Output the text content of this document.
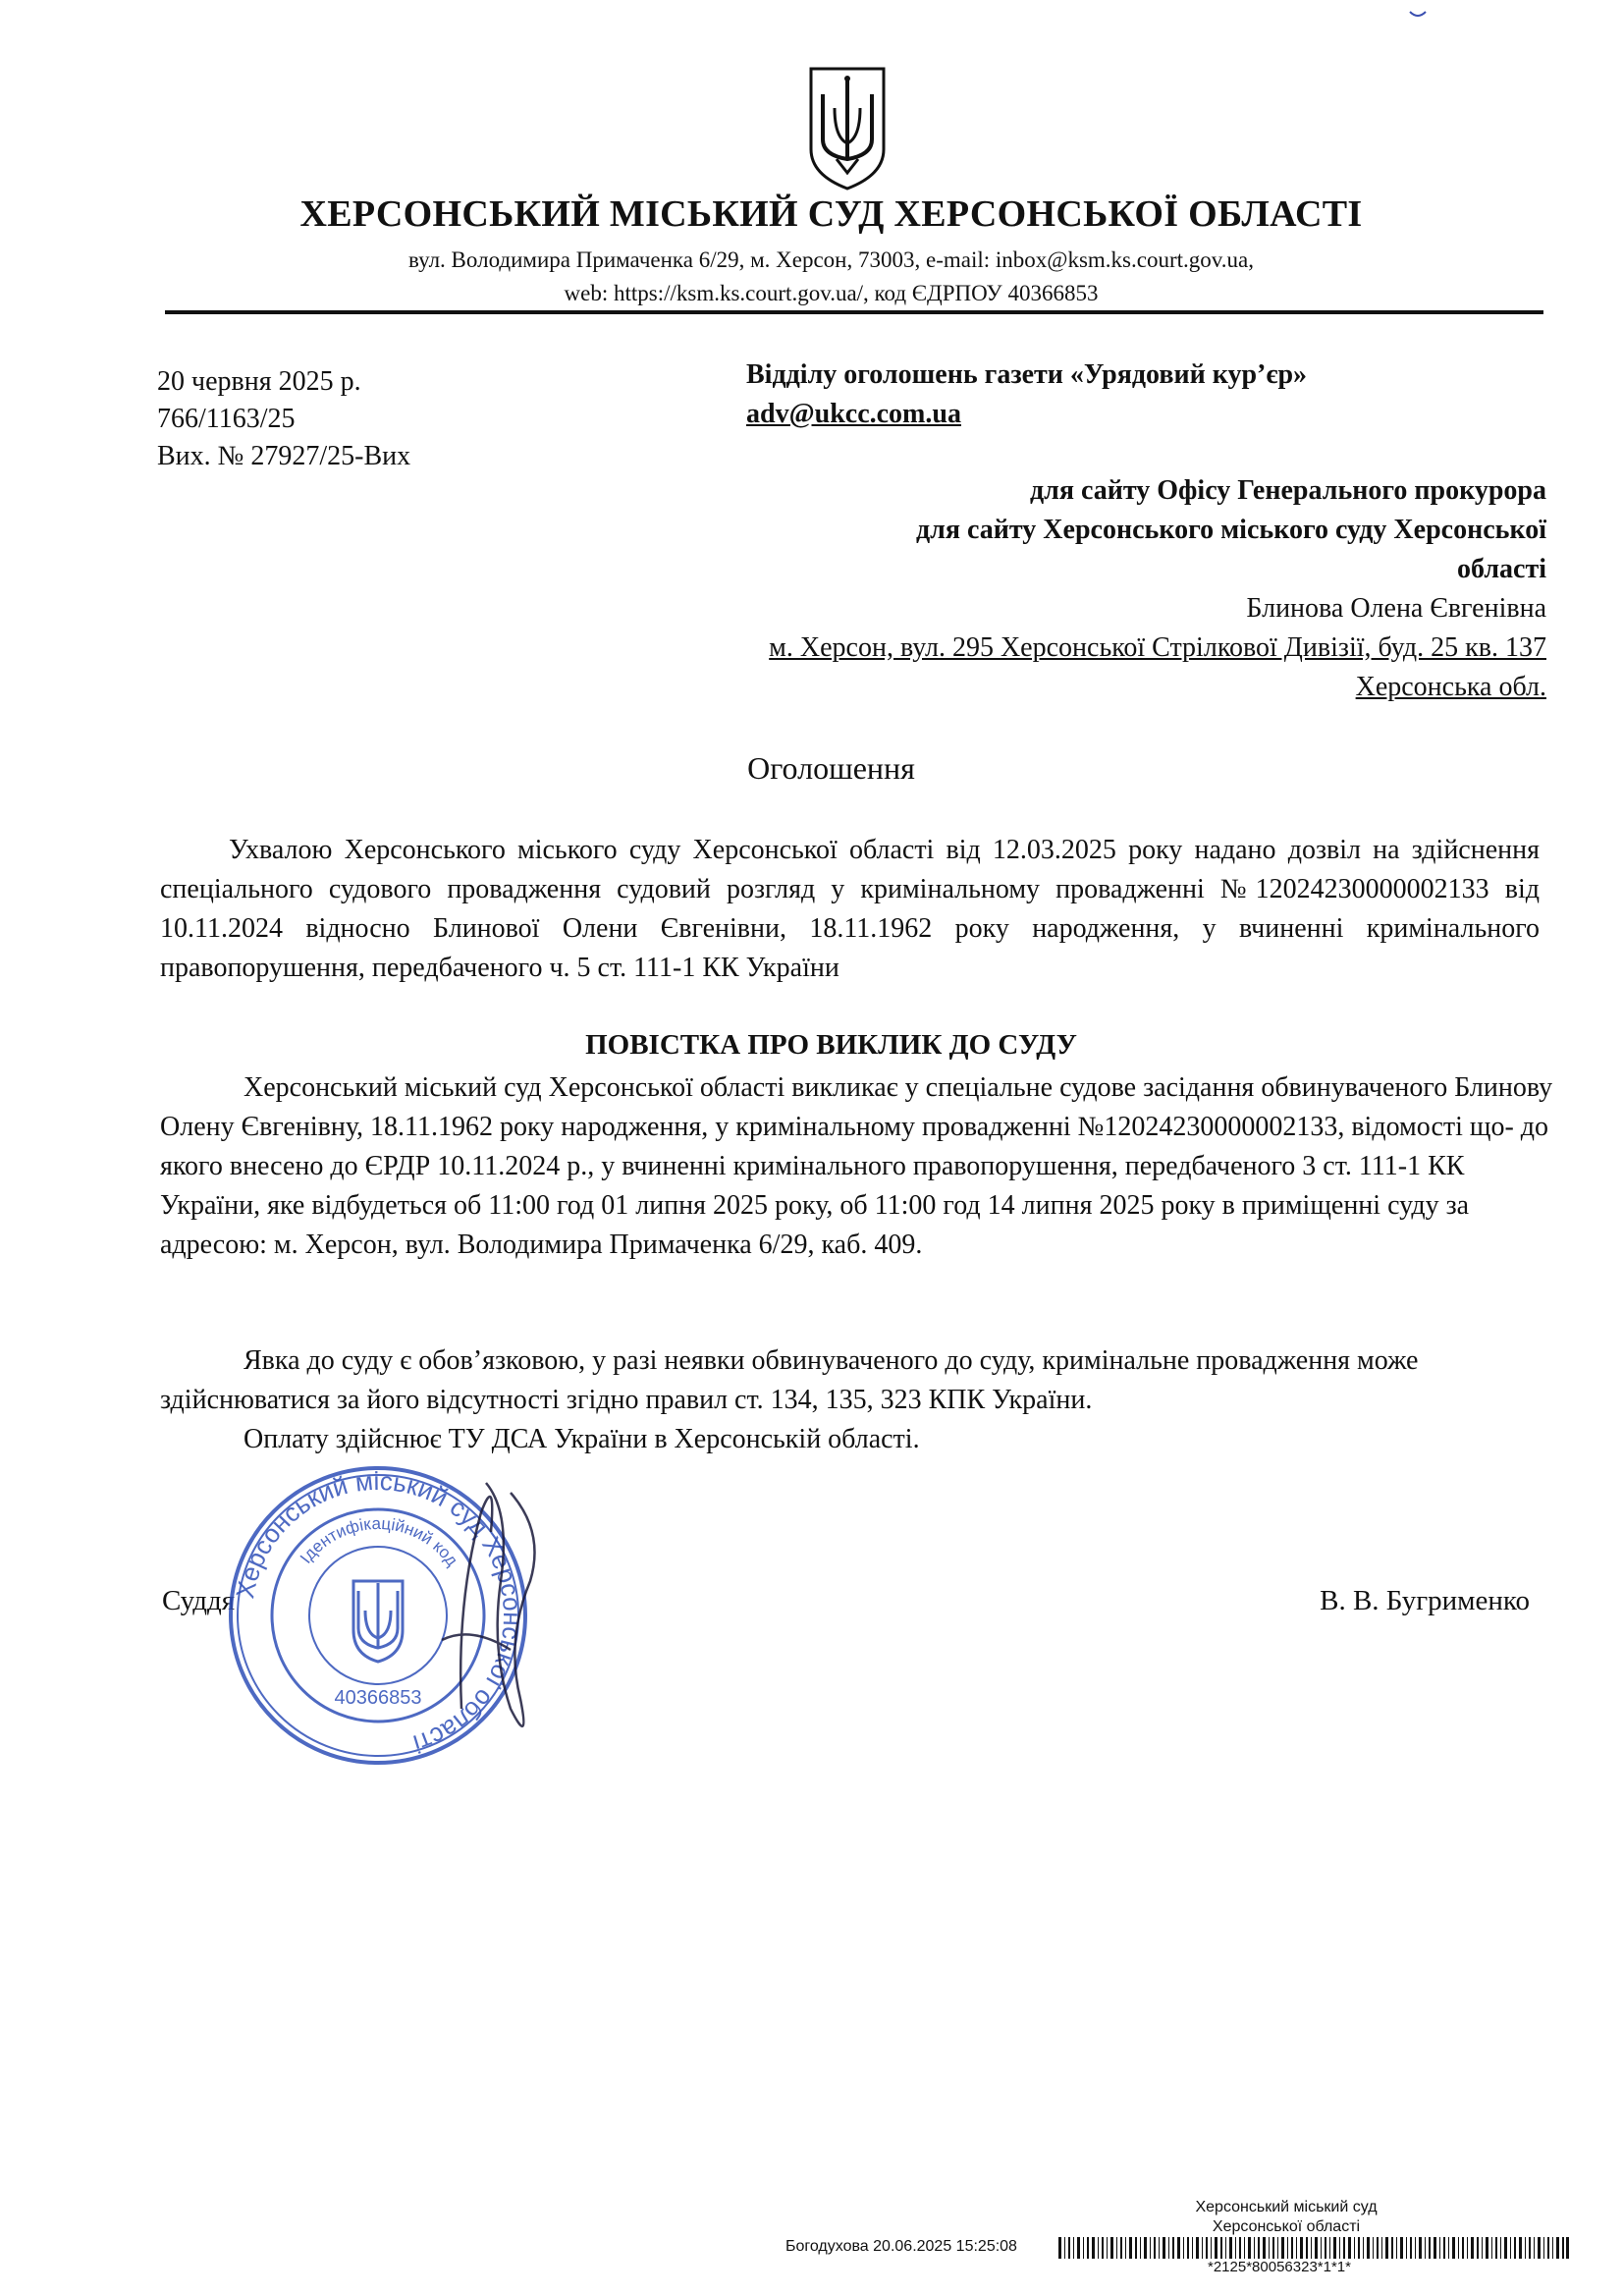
ХЕРСОНСЬКИЙ МІСЬКИЙ СУД ХЕРСОНСЬКОЇ ОБЛАСТІ
вул. Володимира Примаченка 6/29, м. Херсон, 73003, e-mail: inbox@ksm.ks.court.gov.ua,
web: https://ksm.ks.court.gov.ua/, код ЄДРПОУ 40366853
20 червня 2025 р.
766/1163/25
Вих. № 27927/25-Вих
Відділу оголошень газети «Урядовий кур’єр»
adv@ukcc.com.ua
для сайту Офісу Генерального прокурора
для сайту Херсонського міського суду Херсонської
області
Блинова Олена Євгенівна
м. Херсон, вул. 295 Херсонської Стрілкової Дивізії, буд. 25 кв. 137
Херсонська обл.
Оголошення
Ухвалою Херсонського міського суду Херсонської області від 12.03.2025 року надано дозвіл на здійснення спеціального судового провадження судовий розгляд у кримінальному провадженні №12024230000002133 від 10.11.2024 відносно Блинової Олени Євгенівни, 18.11.1962 року народження, у вчиненні кримінального правопорушення, передбаченого ч. 5 ст. 111-1 КК України
ПОВІСТКА ПРО ВИКЛИК ДО СУДУ
Херсонський міський суд Херсонської області викликає у спеціальне судове засідання обвинуваченого Блинову Олену Євгенівну, 18.11.1962 року народження, у кримінальному провадженні №12024230000002133, відомості що- до якого внесено до ЄРДР 10.11.2024 р., у вчиненні кримінального правопорушення, передбаченого 3 ст. 111-1 КК України, яке відбудеться об 11:00 год 01 липня 2025 року, об 11:00 год 14 липня 2025 року в приміщенні суду за адресою: м. Херсон, вул. Володимира Примаченка 6/29, каб. 409.
Явка до суду є обов’язковою, у разі неявки обвинуваченого до суду, кримінальне провадження може здійснюватися за його відсутності згідно правил ст. 134, 135, 323 КПК України.
Оплату здійснює ТУ ДСА України в Херсонській області.
Суддя	В. В. Бугрименко
Херсонський міський суд Херсонської області
Ідентифікаційний код
40366853
Херсонський міський суд
Херсонської області
Богодухова 20.06.2025 15:25:08
*2125*80056323*1*1*
